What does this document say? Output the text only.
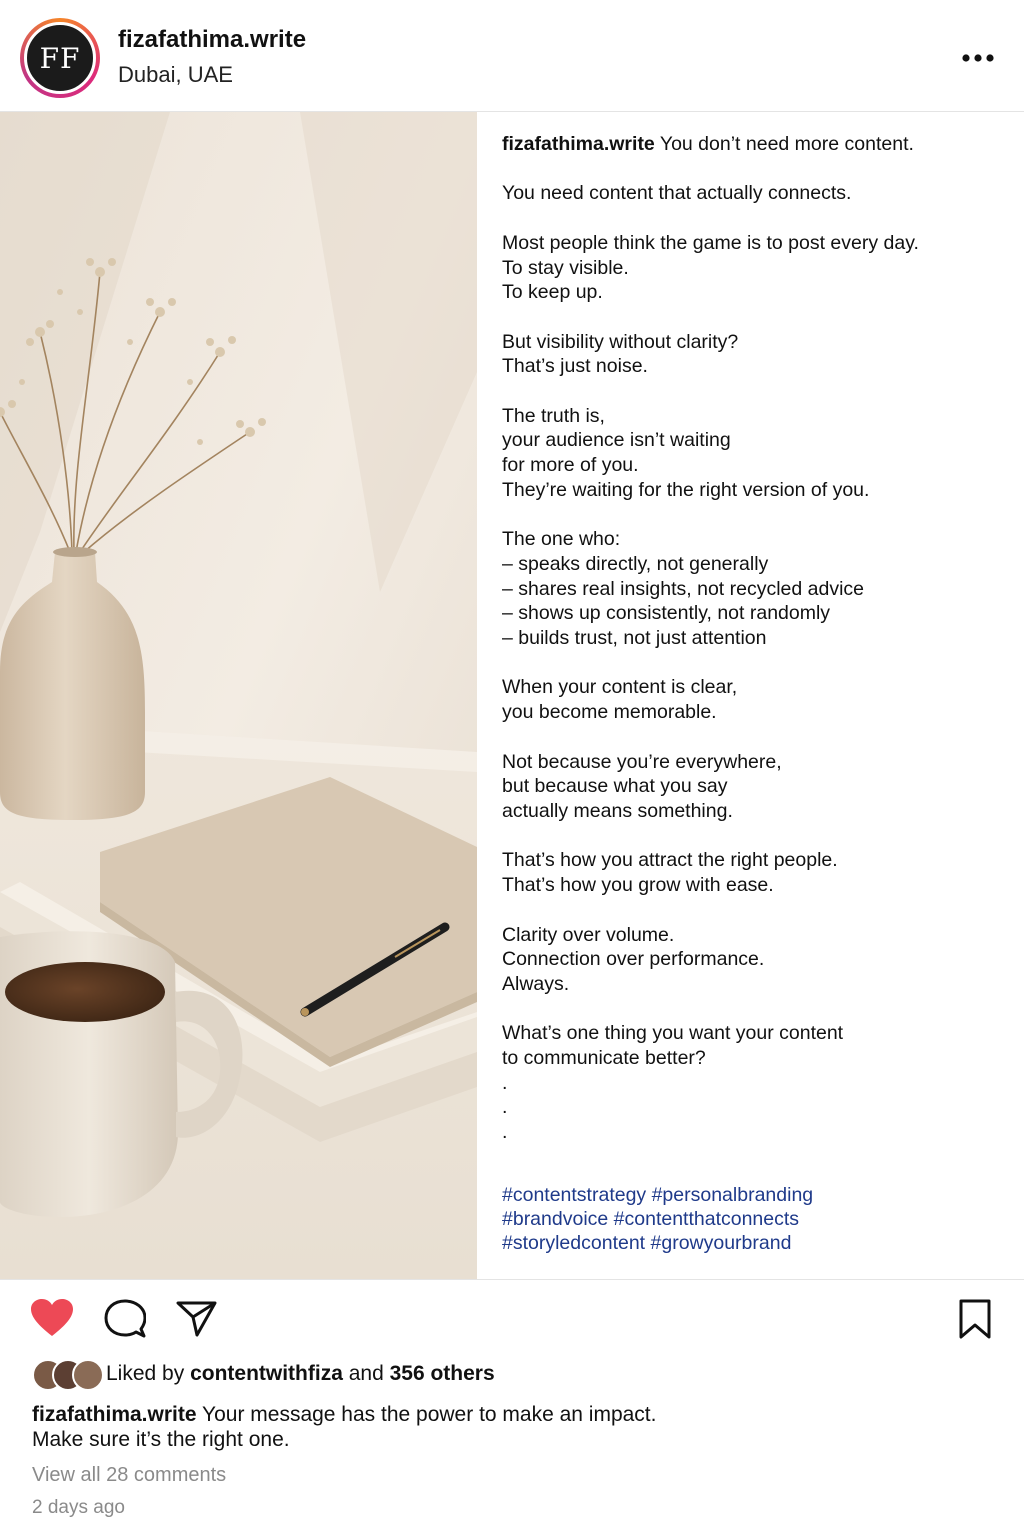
FF
fizafathima.write
Dubai, UAE
fizafathima.write You don’t need more content.

You need content that actually connects.

Most people think the game is to post every day.
To stay visible.
To keep up.

But visibility without clarity?
That’s just noise.

The truth is,
your audience isn’t waiting
for more of you.
They’re waiting for the right version of you.

The one who:
– speaks directly, not generally
– shares real insights, not recycled advice
– shows up consistently, not randomly
– builds trust, not just attention

When your content is clear,
you become memorable.

Not because you’re everywhere,
but because what you say
actually means something.

That’s how you attract the right people.
That’s how you grow with ease.

Clarity over volume.
Connection over performance.
Always.

What’s one thing you want your content
to communicate better?
.
.
.
#contentstrategy #personalbranding
#brandvoice #contentthatconnects
#storyledcontent #growyourbrand
Liked by contentwithfiza and 356 others
fizafathima.write Your message has the power to make an impact.
Make sure it’s the right one.
View all 28 comments
2 days ago
